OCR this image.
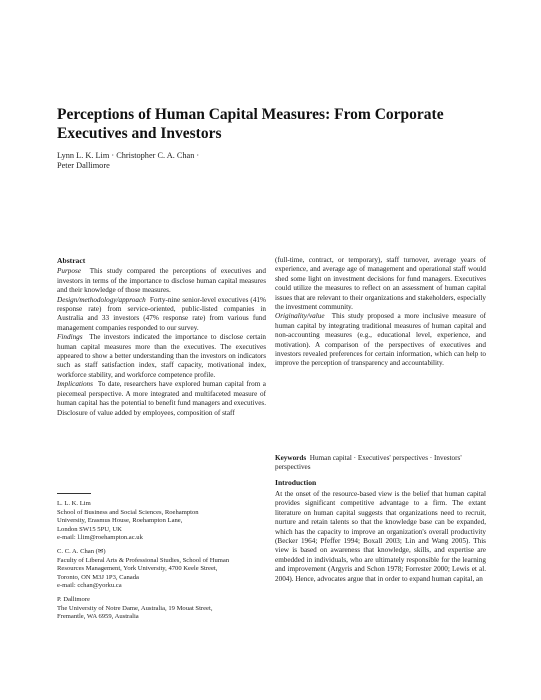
Perceptions of Human Capital Measures: From Corporate Executives and Investors
Lynn L. K. Lim · Christopher C. A. Chan ·
Peter Dallimore

Abstract

Purpose This study compared the perceptions of executives and investors in terms of the importance to disclose human capital measures and their knowledge of those measures.

Design/methodology/approach Forty-nine senior-level executives (41% response rate) from service-oriented, public-listed companies in Australia and 33 investors (47% response rate) from various fund management companies responded to our survey.

Findings The investors indicated the importance to disclose certain human capital measures more than the executives. The executives appeared to show a better understanding than the investors on indicators such as staff satisfaction index, staff capacity, motivational index, workforce stability, and workforce competence profile.

Implications To date, researchers have explored human capital from a piecemeal perspective. A more integrated and multifaceted measure of human capital has the potential to benefit fund managers and executives. Disclosure of value added by employees, composition of staff

(full-time, contract, or temporary), staff turnover, average years of experience, and average age of management and operational staff would shed some light on investment decisions for fund managers. Executives could utilize the measures to reflect on an assessment of human capital issues that are relevant to their organizations and stakeholders, especially the investment community.

Originality/value This study proposed a more inclusive measure of human capital by integrating traditional measures of human capital and non-accounting measures (e.g., educational level, experience, and motivation). A comparison of the perspectives of executives and investors revealed preferences for certain information, which can help to improve the perception of transparency and accountability.

Keywords Human capital · Executives' perspectives · Investors' perspectives
Introduction

At the onset of the resource-based view is the belief that human capital provides significant competitive advantage to a firm. The extant literature on human capital suggests that organizations need to recruit, nurture and retain talents so that the knowledge base can be expanded, which has the capacity to improve an organization's overall productivity (Becker 1964; Pfeffer 1994; Boxall 2003; Lin and Wang 2005). This view is based on awareness that knowledge, skills, and expertise are embedded in individuals, who are ultimately responsible for the learning and improvement (Argyris and Schon 1978; Forrester 2000; Lewis et al. 2004). Hence, advocates argue that in order to expand human capital, an

L. L. K. Lim
School of Business and Social Sciences, Roehampton
University, Erasmus House, Roehampton Lane,
London SW15 5PU, UK
e-mail: l.lim@roehampton.ac.uk
C. C. A. Chan (✉)
Faculty of Liberal Arts & Professional Studies, School of Human
Resources Management, York University, 4700 Keele Street,
Toronto, ON M3J 1P3, Canada
e-mail: cchan@yorku.ca
P. Dallimore
The University of Notre Dame, Australia, 19 Mouat Street,
Fremantle, WA 6959, Australia
